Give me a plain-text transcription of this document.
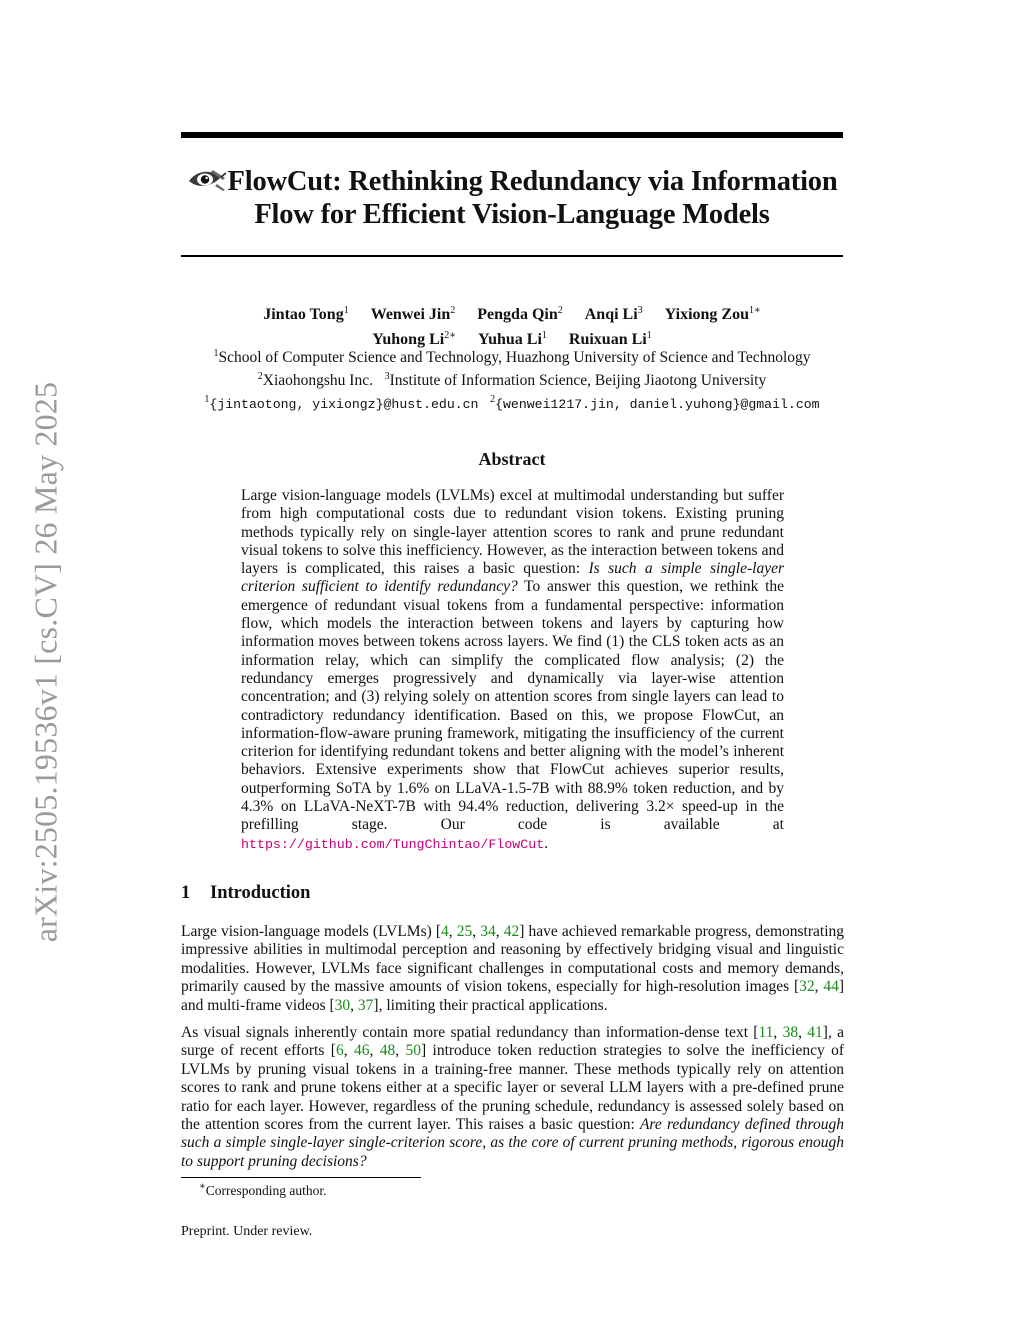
arXiv:2505.19536v1 [cs.CV] 26 May 2025
FlowCut: Rethinking Redundancy via Information
Flow for Efficient Vision-Language Models
Jintao Tong$^1$ Wenwei Jin$^2$ Pengda Qin$^2$ Anqi Li$^3$ Yixiong Zou$^{1∗}$
Yuhong $Li^{2∗}$ Yuhua Li$^1$ Ruixuan Li$^1$
$^1$School of Computer Science and Technology, Huazhong University of Science and Technology
$^2$Xiaohongshu Inc. $^3$Institute of Information Science, Beijing Jiaotong University
$^1${jintaotong, yixiongz}@hust.edu.cn $^2${wenwei1217.jin, daniel.yuhong}@gmail.com
Abstract
Large vision-language models (LVLMs) excel at multimodal understanding but suffer from high computational costs due to redundant vision tokens. Existing pruning methods typically rely on single-layer attention scores to rank and prune redundant visual tokens to solve this inefficiency. However, as the interaction between tokens and layers is complicated, this raises a basic question: Is such a simple single-layer criterion sufficient to identify redundancy? To answer this question, we rethink the emergence of redundant visual tokens from a fundamental perspective: information flow, which models the interaction between tokens and layers by capturing how information moves between tokens across layers. We find (1) the CLS token acts as an information relay, which can simplify the complicated flow analysis; (2) the redundancy emerges progressively and dynamically via layer-wise attention concentration; and (3) relying solely on attention scores from single layers can lead to contradictory redundancy identification. Based on this, we propose FlowCut, an information-flow-aware pruning framework, mitigating the insufficiency of the current criterion for identifying redundant tokens and better aligning with the model’s inherent behaviors. Extensive experiments show that FlowCut achieves superior results, outperforming SoTA by 1.6% on LLaVA-1.5-7B with 88.9% token reduction, and by 4.3% on LLaVA-NeXT-7B with 94.4% reduction, delivering 3.2× speed-up in the prefilling stage. Our code is available at https://github.com/TungChintao/FlowCut.
1 Introduction
Large vision-language models (LVLMs) [4, 25, 34, 42] have achieved remarkable progress, demonstrating impressive abilities in multimodal perception and reasoning by effectively bridging visual and linguistic modalities. However, LVLMs face significant challenges in computational costs and memory demands, primarily caused by the massive amounts of vision tokens, especially for high-resolution images [32, 44] and multi-frame videos [30, 37], limiting their practical applications.
As visual signals inherently contain more spatial redundancy than information-dense text [11, 38, 41], a surge of recent efforts [6, 46, 48, 50] introduce token reduction strategies to solve the inefficiency of LVLMs by pruning visual tokens in a training-free manner. These methods typically rely on attention scores to rank and prune tokens either at a specific layer or several LLM layers with a pre-defined prune ratio for each layer. However, regardless of the pruning schedule, redundancy is assessed solely based on the attention scores from the current layer. This raises a basic question: Are redundancy defined through such a simple single-layer single-criterion score, as the core of current pruning methods, rigorous enough to support pruning decisions?
∗Corresponding author.
Preprint. Under review.
